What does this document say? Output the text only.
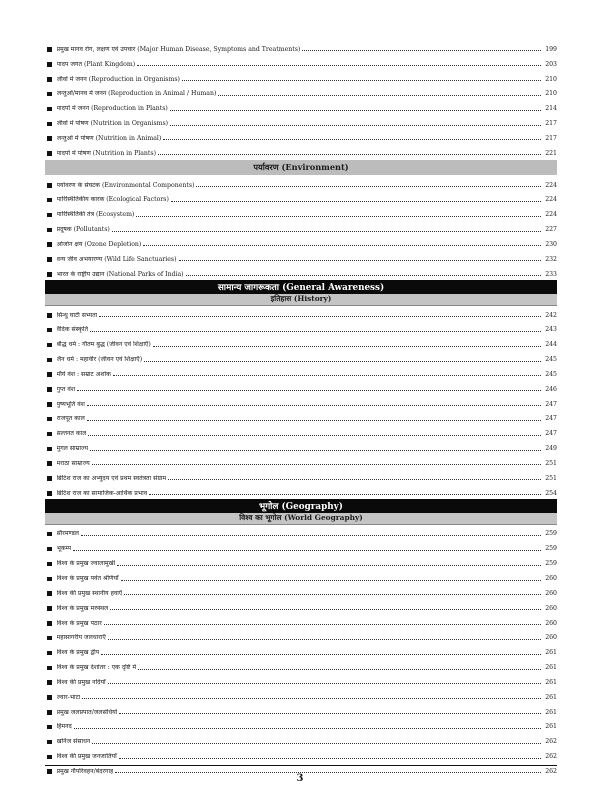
प्रमुख मानव रोग, लक्षण एवं उपचार (Major Human Disease, Symptoms and Treatments)	199
पादप जगत (Plant Kingdom)	203
जीवों में जनन (Reproduction in Organisms)	210
जन्तुओं/मानव में जनन (Reproduction in Animal / Human)	210
पादपों में जनन (Reproduction in Plants)	214
जीवों में पोषण (Nutrition in Organisms)	217
जन्तुओं में पोषण (Nutrition in Animal)	217
पादपों में पोषण (Nutrition in Plants)	221
पर्यावरण (Environment)
पर्यावरण के संघटक (Environmental Components)	224
पारिस्थितिकीय कारक (Ecological Factors)	224
पारिस्थितिकी तंत्र (Ecosystem)	224
प्रदूषक (Pollutants)	227
ओजोन क्षय (Ozone Depletion)	230
वन्य जीव अभयारण्य (Wild Life Sanctuaries)	232
भारत के राष्ट्रीय उद्यान (National Parks of India)	233
सामान्य जागरूकता (General Awareness)
इतिहास (History)
सिन्धु घाटी सभ्यता	242
वैदिक संस्कृति	243
बौद्ध धर्म : गौतम बुद्ध (जीवन एवं शिक्षाएँ)	244
जैन धर्म : महावीर (जीवन एवं शिक्षाएँ)	245
मौर्य वंश : सम्राट अशोक	245
गुप्त वंश	246
पुष्यभूति वंश	247
राजपूत काल	247
सल्तनत काल	247
मुगल साम्राज्य	249
मराठा साम्राज्य	251
ब्रिटिश राज का अभ्युदय एवं प्रथम स्वतंत्रता संग्राम	251
ब्रिटिश राज का सामाजिक-आर्थिक प्रभाव	254
भूगोल (Geography)
विश्व का भूगोल (World Geography)
सौरमण्डल	259
भूकम्प	259
विश्व के प्रमुख ज्वालामुखी	259
विश्व के प्रमुख पर्वत श्रेणियाँ	260
विश्व की प्रमुख स्थानीय हवाएँ	260
विश्व के प्रमुख मरुस्थल	260
विश्व के प्रमुख पठार	260
महासागरीय जलधाराएँ	260
विश्व के प्रमुख द्वीप	261
विश्व के प्रमुख देशांतर : एक दृष्टि में	261
विश्व की प्रमुख नदियाँ	261
ज्वार-भाटा	261
प्रमुख जलप्रपात/जलसंधियाँ	261
हिमनद	261
खनिज संसाधन	262
विश्व की प्रमुख जनजातियाँ	262
प्रमुख नौपरिवहन/बंदरगाह	262
3
